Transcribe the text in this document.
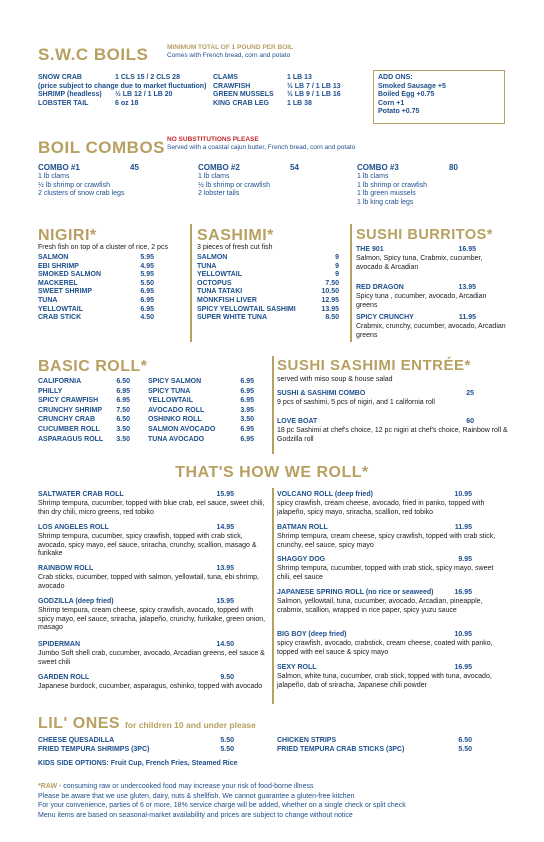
S.W.C BOILS	MINIMUM TOTAL OF 1 POUND PER BOIL
Comes with French bread, corn and potato
SNOW CRAB	1 CLS 15 / 2 CLS 28
(price subject to change due to market fluctuation)
SHRIMP (headless)	½ LB 12 / 1 LB 20
LOBSTER TAIL	6 oz 18
CLAMS	1 LB 13
CRAWFISH	½ LB 7 / 1 LB 13
GREEN MUSSELS	½ LB 9 / 1 LB 16
KING CRAB LEG	1 LB 38
ADD ONS:
Smoked Sausage +5
Boiled Egg +0.75
Corn +1
Potato +0.75
BOIL COMBOS NO SUBSTITUTIONS PLEASE
Served with a coastal cajun butter, French bread, corn and potato
COMBO #1	45
1 lb clams
½ lb shrimp or crawfish
2 clusters of snow crab legs
COMBO #2	54
1 lb clams
½ lb shrimp or crawfish
2 lobster tails
COMBO #3	80
1 lb clams
1 lb shrimp or crawfish
1 lb green mussels
1 lb king crab legs
NIGIRI*
Fresh fish on top of a cluster of rice, 2 pcs
SALMON	5.95
EBI SHRIMP	4.95
SMOKED SALMON	5.95
MACKEREL	5.50
SWEET SHRIMP	6.95
TUNA	6.95
YELLOWTAIL	6.95
CRAB STICK	4.50
SASHIMI*
3 pieces of fresh cut fish
SALMON	9
TUNA	9
YELLOWTAIL	9
OCTOPUS	7.50
TUNA TATAKI	10.50
MONKFISH LIVER	12.95
SPICY YELLOWTAIL SASHIMI	13.95
SUPER WHITE TUNA	8.50
SUSHI BURRITOS*
THE 901	16.95
Salmon, Spicy tuna, Crabmix, cucumber, avocado & Arcadian
RED DRAGON	13.95
Spicy tuna , cucumber, avocado, Arcadian greens
SPICY CRUNCHY	11.95
Crabmix, crunchy, cucumber, avocado, Arcadian greens
BASIC ROLL*
CALIFORNIA	6.50
PHILLY	6.95
SPICY CRAWFISH	6.95
CRUNCHY SHRIMP 7.50
CRUNCHY CRAB	6.50
CUCUMBER ROLL 3.50
ASPARAGUS ROLL 3.50
SPICY SALMON	6.95
SPICY TUNA	6.95
YELLOWTAIL	6.95
AVOCADO ROLL	3.95
OSHINKO ROLL	3.50
SALMON AVOCADO	6.95
TUNA AVOCADO	6.95
SUSHI SASHIMI ENTRÉE*
served with miso soup & house salad
SUSHI & SASHIMI COMBO	25
9 pcs of sashimi, 5 pcs of nigiri, and 1 california roll
LOVE BOAT	60
18 pc Sashimi at chef's choice, 12 pc nigiri at chef's choice, Rainbow roll & Godzilla roll
THAT'S HOW WE ROLL*
SALTWATER CRAB ROLL	15.95
Shrimp tempura, cucumber, topped with blue crab, eel sauce, sweet chili, thin dry chili, micro greens, red tobiko
LOS ANGELES ROLL	14.95
Shrimp tempura, cucumber, spicy crawfish, topped with crab stick, avocado, spicy mayo, eel sauce, sriracha, crunchy, scallion, masago & furikake
RAINBOW ROLL	13.95
Crab sticks, cucumber, topped with salmon, yellowtail, tuna, ebi shrimp, avocado
GODZILLA (deep fried)	15.95
Shrimp tempura, cream cheese, spicy crawfish, avocado, topped with spicy mayo, eel sauce, sriracha, jalapeño, crunchy, furikake, green onion, masago
SPIDERMAN	14.50
Jumbo Soft shell crab, cucumber, avocado, Arcadian greens, eel sauce & sweet chili
GARDEN ROLL	9.50
Japanese burdock, cucumber, asparagus, oshinko, topped with avocado
VOLCANO ROLL (deep fried)	10.95
spicy crawfish, cream cheese, avocado, fried in panko, topped with jalapeño, spicy mayo, sriracha, scallion, red tobiko
BATMAN ROLL	11.95
Shrimp tempura, cream cheese, spicy crawfish, topped with crab stick, crunchy, eel sauce, spicy mayo
SHAGGY DOG	9.95
Shrimp tempura, cucumber, topped with crab stick, spicy mayo, sweet chili, eel sauce
JAPANESE SPRING ROLL (no rice or seaweed)	16.95
Salmon, yellowtail, tuna, cucumber, avocado, Arcadian, pineapple, crabmix, scallion, wrapped in rice paper, spicy yuzu sauce
BIG BOY (deep fried)	10.95
spicy crawfish, avocado, crabstick, cream cheese, coated with panko, topped with eel sauce & spicy mayo
SEXY ROLL	16.95
Salmon, white tuna, cucumber, crab stick, topped with tuna, avocado, jalapeño, dab of sriracha, Japanese chili powder
LIL' ONES for children 10 and under please
CHEESE QUESADILLA	5.50
FRIED TEMPURA SHRIMPS (3PC)	5.50
CHICKEN STRIPS	6.50
FRIED TEMPURA CRAB STICKS (3PC)	5.50
KIDS SIDE OPTIONS: Fruit Cup, French Fries, Steamed Rice
*RAW - consuming raw or undercooked food may increase your risk of food-borne illness
Please be aware that we use gluten, dairy, nuts & shellfish. We cannot guarantee a gluten-free kitchen
For your convenience, parties of 6 or more, 18% service charge will be added, whether on a single check or split check
Menu items are based on seasonal-market availability and prices are subject to change without notice
